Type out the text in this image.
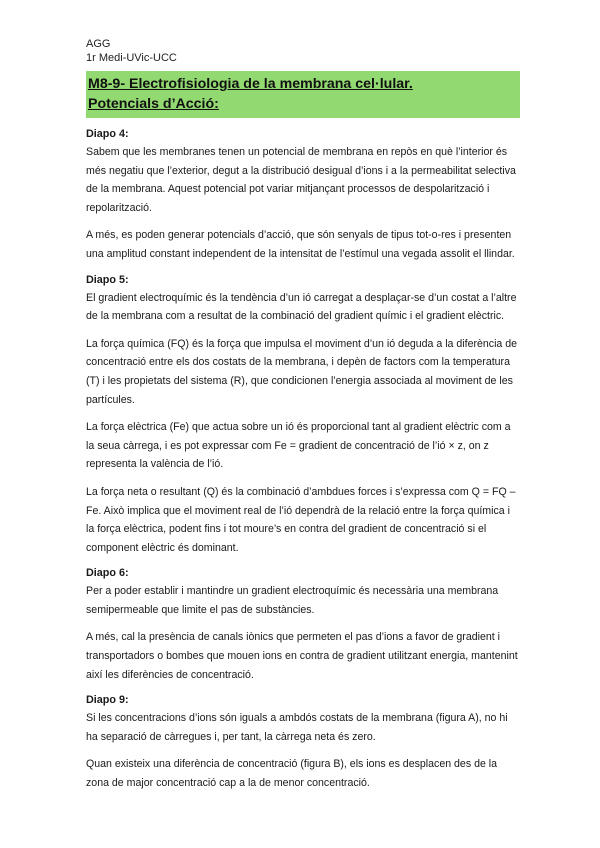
AGG
1r Medi-UVic-UCC
M8-9- Electrofisiologia de la membrana cel·lular.
Potencials d’Acció:
Diapo 4:

Sabem que les membranes tenen un potencial de membrana en repòs en què l’interior és més negatiu que l’exterior, degut a la distribució desigual d’ions i a la permeabilitat selectiva de la membrana. Aquest potencial pot variar mitjançant processos de despolarització i repolarització.

A més, es poden generar potencials d’acció, que són senyals de tipus tot-o-res i presenten una amplitud constant independent de la intensitat de l’estímul una vegada assolit el llindar.

Diapo 5:

El gradient electroquímic és la tendència d’un ió carregat a desplaçar-se d’un costat a l’altre de la membrana com a resultat de la combinació del gradient químic i el gradient elèctric.

La força química (FQ) és la força que impulsa el moviment d’un ió deguda a la diferència de concentració entre els dos costats de la membrana, i depèn de factors com la temperatura (T) i les propietats del sistema (R), que condicionen l’energia associada al moviment de les partícules.

La força elèctrica (Fe) que actua sobre un ió és proporcional tant al gradient elèctric com a la seua càrrega, i es pot expressar com Fe = gradient de concentració de l’ió × z, on z representa la valència de l’ió.

La força neta o resultant (Q) és la combinació d’ambdues forces i s’expressa com Q = FQ – Fe. Això implica que el moviment real de l’ió dependrà de la relació entre la força química i la força elèctrica, podent fins i tot moure’s en contra del gradient de concentració si el component elèctric és dominant.

Diapo 6:

Per a poder establir i mantindre un gradient electroquímic és necessària una membrana semipermeable que limite el pas de substàncies.

A més, cal la presència de canals iònics que permeten el pas d’ions a favor de gradient i transportadors o bombes que mouen ions en contra de gradient utilitzant energia, mantenint així les diferències de concentració.

Diapo 9:

Si les concentracions d’ions són iguals a ambdós costats de la membrana (figura A), no hi ha separació de càrregues i, per tant, la càrrega neta és zero.

Quan existeix una diferència de concentració (figura B), els ions es desplacen des de la zona de major concentració cap a la de menor concentració.
